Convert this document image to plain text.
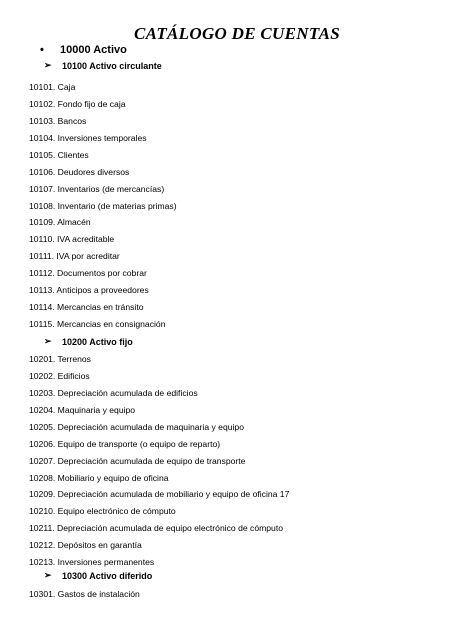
CATÁLOGO DE CUENTAS
•	10000 Activo
➢	10100 Activo circulante
10101. Caja
10102. Fondo fijo de caja
10103. Bancos
10104. Inversiones temporales
10105. Clientes
10106. Deudores diversos
10107. Inventarios (de mercancías)
10108. Inventario (de materias primas)
10109. Almacén
10110. IVA acreditable
10111. IVA por acreditar
10112. Documentos por cobrar
10113. Anticipos a proveedores
10114. Mercancias en tránsito
10115. Mercancias en consignación
➢	10200 Activo fijo
10201. Terrenos
10202. Edificios
10203. Depreciación acumulada de edificios
10204. Maquinaria y equipo
10205. Depreciación acumulada de maquinaria y equipo
10206. Equipo de transporte (o equipo de reparto)
10207. Depreciación acumulada de equipo de transporte
10208. Mobiliario y equipo de oficina
10209. Depreciación acumulada de mobiliario y equipo de oficina 17
10210. Equipo electrónico de cómputo
10211. Depreciación acumulada de equipo electrónico de cómputo
10212. Depósitos en garantía
10213. Inversiones permanentes
➢	10300 Activo diferido
10301. Gastos de instalación
